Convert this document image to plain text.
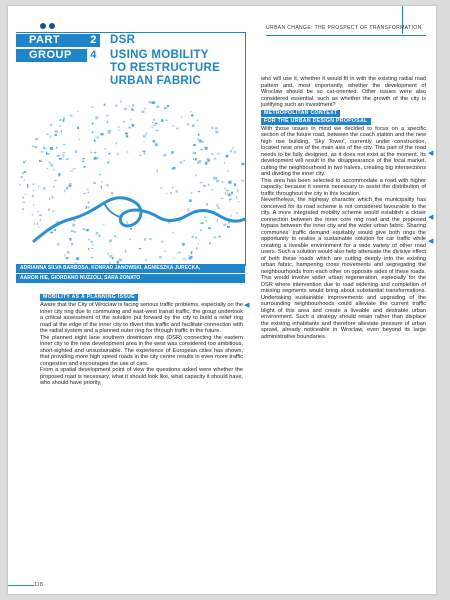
URBAN CHANGE: THE PROSPECT OF TRANSFORMATION
PART	2
GROUP	4
DSR
USING MOBILITY
TO RESTRUCTURE
URBAN FABRIC
ADRIANNA SILVA BARBOSA, KONRAD JANOWSKI, AGNIESZKA JURECKA,
AARON HIE, GIORDANO NUZZOLI, SARA ZONATO
MOBILITY AS A PLANNING ISSUE

Aware that the City of Wroclaw is facing serious traffic problems, especially on the inner city ring due to commuting and east-west transit traffic, the group undertook a critical assessment of the solution put forward by the city to build a relief ring road at the edge of the inner city to divert this traffic and facilitate connection with the radial system and a planned outer ring for through traffic in the future.

The planned eight lane southern downtown ring (DSR) connecting the eastern inner city to the new development area in the west was considered too ambitious, short-sighted and unsustainable. The experience of European cities has shown, that providing more high speed roads in the city centre results in even more traffic congestion and encourages the use of cars.

From a spatial development point of view the questions asked were whether the proposed road is necessary, what it should look like, what capacity it should have, who should have priority,

◀

who will use it, whether it would fit in with the existing radial road pattern and, most importantly, whether the development of Wroclaw should be so car-oriented. Other issues were also considered essential, such as whether the growth of the city is justifying such an investment?

METROPOLITAN CONTEXT
FOR THE URBAN DESIGN PROPOSAL

With those issues in mind we decided to focus on a specific section of the future road, between the coach station and the new high rise building, 'Sky Tower', currently under construction, located near one of the main axis of the city. This part of the road needs to be fully designed, as it does not exist at the moment. Its development will result in the disappearance of the local market, cutting the neighbourhood in two halves, creating big intersections and dividing the inner city.

This area has been selected to accommodate a road with higher capacity, because it seems necessary to assist the distribution of traffic throughout the city in this location.

Nevertheless, the highway character which the municipality has conceived for its road scheme is not considered favourable to the city. A more integrated mobility scheme would establish a closer connection between the inner core ring road and the proposed bypass between the inner city and the wider urban fabric. Sharing communes' traffic demand equitably would give both rings the opportunity to realise a sustainable solution for car traffic while creating a liveable environment for a wide variety of other road users. Such a solution would also help attenuate the divisive effect of both these roads which are cutting deeply into the existing urban fabric, hampering cross movements and segregating the neighbourhoods from each other on opposite sides of these roads. This would involve wider urban regeneration, especially for the DSR where intervention due to road widening and completion of missing segments would bring about substantial transformations. Undertaking sustainable improvements and upgrading of the surrounding neighbourhoods could alleviate the current traffic blight of this area and create a liveable and desirable urban environment. Such a strategy should retain rather than displace the existing inhabitants and therefore alleviate pressure of urban sprawl, already noticeable in Wroclaw, even beyond its large administrative boundaries.

◀
◀
◀
118
